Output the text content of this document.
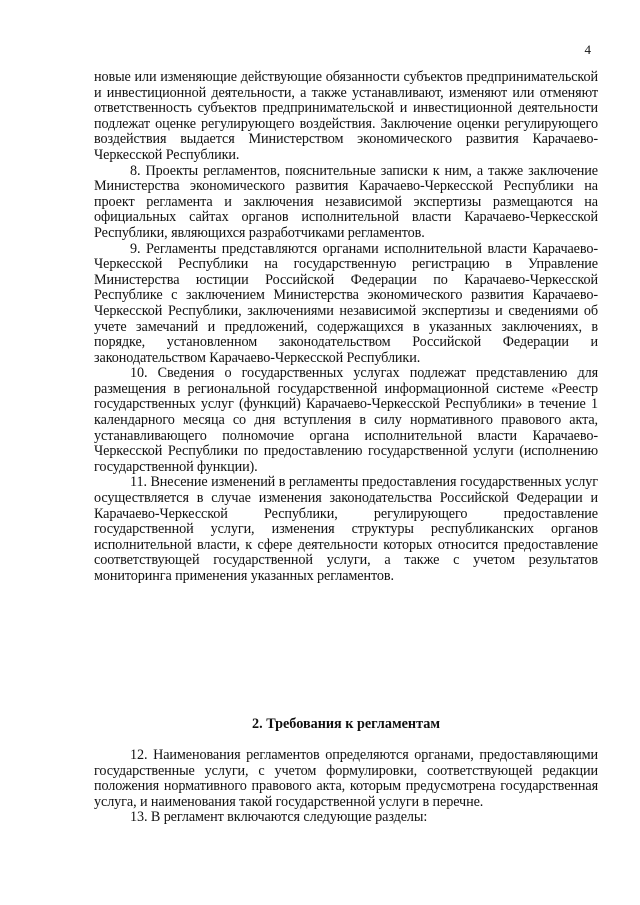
4

новые или изменяющие действующие обязанности субъектов предпринимательской и инвестиционной деятельности, а также устанавливают, изменяют или отменяют ответственность субъектов предпринимательской и инвестиционной деятельности подлежат оценке регулирующего воздействия. Заключение оценки регулирующего воздействия выдается Министерством экономического развития Карачаево-Черкесской Республики.

8. Проекты регламентов, пояснительные записки к ним, а также заключение Министерства экономического развития Карачаево-Черкесской Республики на проект регламента и заключения независимой экспертизы размещаются на официальных сайтах органов исполнительной власти Карачаево-Черкесской Республики, являющихся разработчиками регламентов.

9. Регламенты представляются органами исполнительной власти Карачаево-Черкесской Республики на государственную регистрацию в Управление Министерства юстиции Российской Федерации по Карачаево-Черкесской Республике с заключением Министерства экономического развития Карачаево-Черкесской Республики, заключениями независимой экспертизы и сведениями об учете замечаний и предложений, содержащихся в указанных заключениях, в порядке, установленном законодательством Российской Федерации и законодательством Карачаево-Черкесской Республики.

10. Сведения о государственных услугах подлежат представлению для размещения в региональной государственной информационной системе «Реестр государственных услуг (функций) Карачаево-Черкесской Республики» в течение 1 календарного месяца со дня вступления в силу нормативного правового акта, устанавливающего полномочие органа исполнительной власти Карачаево-Черкесской Республики по предоставлению государственной услуги (исполнению государственной функции).

11. Внесение изменений в регламенты предоставления государственных услуг осуществляется в случае изменения законодательства Российской Федерации и Карачаево-Черкесской Республики, регулирующего предоставление государственной услуги, изменения структуры республиканских органов исполнительной власти, к сфере деятельности которых относится предоставление соответствующей государственной услуги, а также с учетом результатов мониторинга применения указанных регламентов.

2. Требования к регламентам

12. Наименования регламентов определяются органами, предоставляющими государственные услуги, с учетом формулировки, соответствующей редакции положения нормативного правового акта, которым предусмотрена государственная услуга, и наименования такой государственной услуги в перечне.

13. В регламент включаются следующие разделы:
